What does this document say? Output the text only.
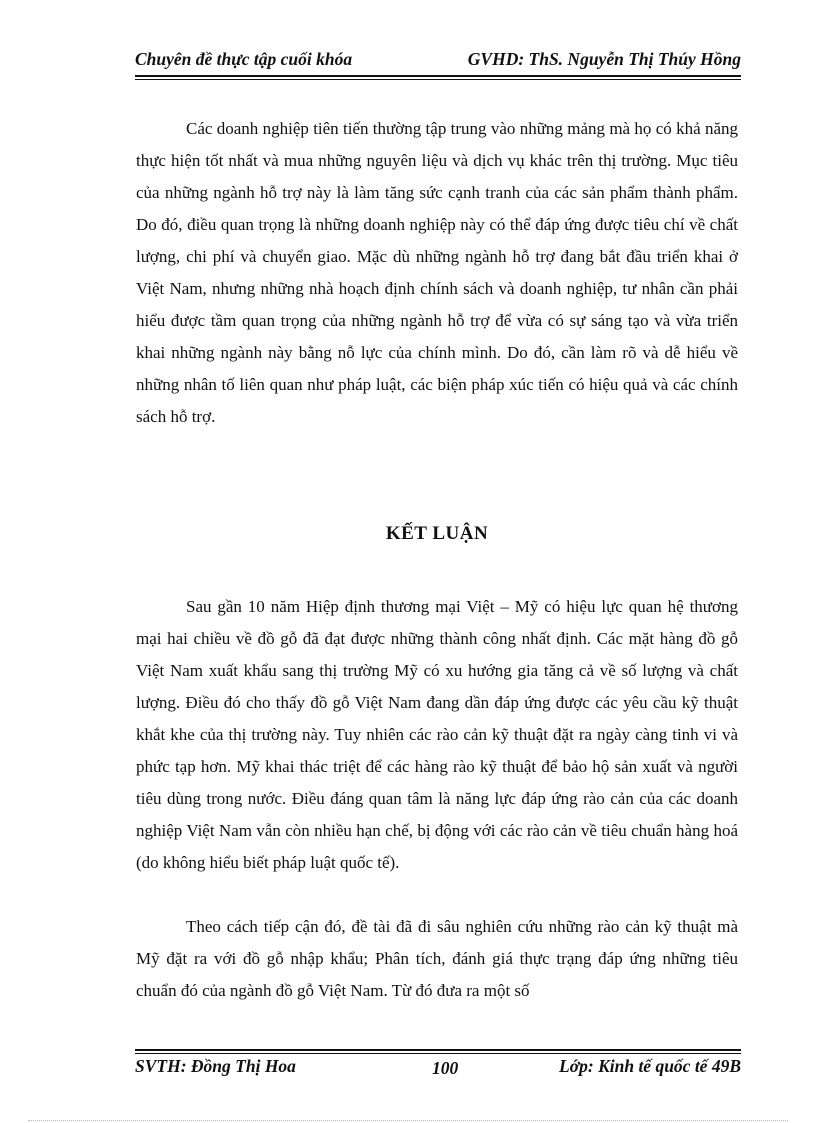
Chuyên đề thực tập cuối khóa	GVHD: ThS. Nguyễn Thị Thúy Hồng

Các doanh nghiệp tiên tiến thường tập trung vào những mảng mà họ có khả năng thực hiện tốt nhất và mua những nguyên liệu và dịch vụ khác trên thị trường. Mục tiêu của những ngành hỗ trợ này là làm tăng sức cạnh tranh của các sản phẩm thành phẩm. Do đó, điều quan trọng là những doanh nghiệp này có thể đáp ứng được tiêu chí về chất lượng, chi phí và chuyển giao. Mặc dù những ngành hỗ trợ đang bắt đầu triển khai ở Việt Nam, nhưng những nhà hoạch định chính sách và doanh nghiệp, tư nhân cần phải hiểu được tầm quan trọng của những ngành hỗ trợ để vừa có sự sáng tạo và vừa triển khai những ngành này bằng nỗ lực của chính mình. Do đó, cần làm rõ và dễ hiểu về những nhân tố liên quan như pháp luật, các biện pháp xúc tiến có hiệu quả và các chính sách hỗ trợ.

KẾT LUẬN

Sau gần 10 năm Hiệp định thương mại Việt – Mỹ có hiệu lực quan hệ thương mại hai chiều về đồ gỗ đã đạt được những thành công nhất định. Các mặt hàng đồ gỗ Việt Nam xuất khẩu sang thị trường Mỹ có xu hướng gia tăng cả về số lượng và chất lượng. Điều đó cho thấy đồ gỗ Việt Nam đang dần đáp ứng được các yêu cầu kỹ thuật khắt khe của thị trường này. Tuy nhiên các rào cản kỹ thuật đặt ra ngày càng tinh vi và phức tạp hơn. Mỹ khai thác triệt để các hàng rào kỹ thuật để bảo hộ sản xuất và người tiêu dùng trong nước. Điều đáng quan tâm là năng lực đáp ứng rào cản của các doanh nghiệp Việt Nam vẫn còn nhiều hạn chế, bị động với các rào cản về tiêu chuẩn hàng hoá (do không hiểu biết pháp luật quốc tế).

Theo cách tiếp cận đó, đề tài đã đi sâu nghiên cứu những rào cản kỹ thuật mà Mỹ đặt ra với đồ gỗ nhập khẩu; Phân tích, đánh giá thực trạng đáp ứng những tiêu chuẩn đó của ngành đồ gỗ Việt Nam. Từ đó đưa ra một số

SVTH: Đồng Thị Hoa	100	Lớp: Kinh tế quốc tế 49B
